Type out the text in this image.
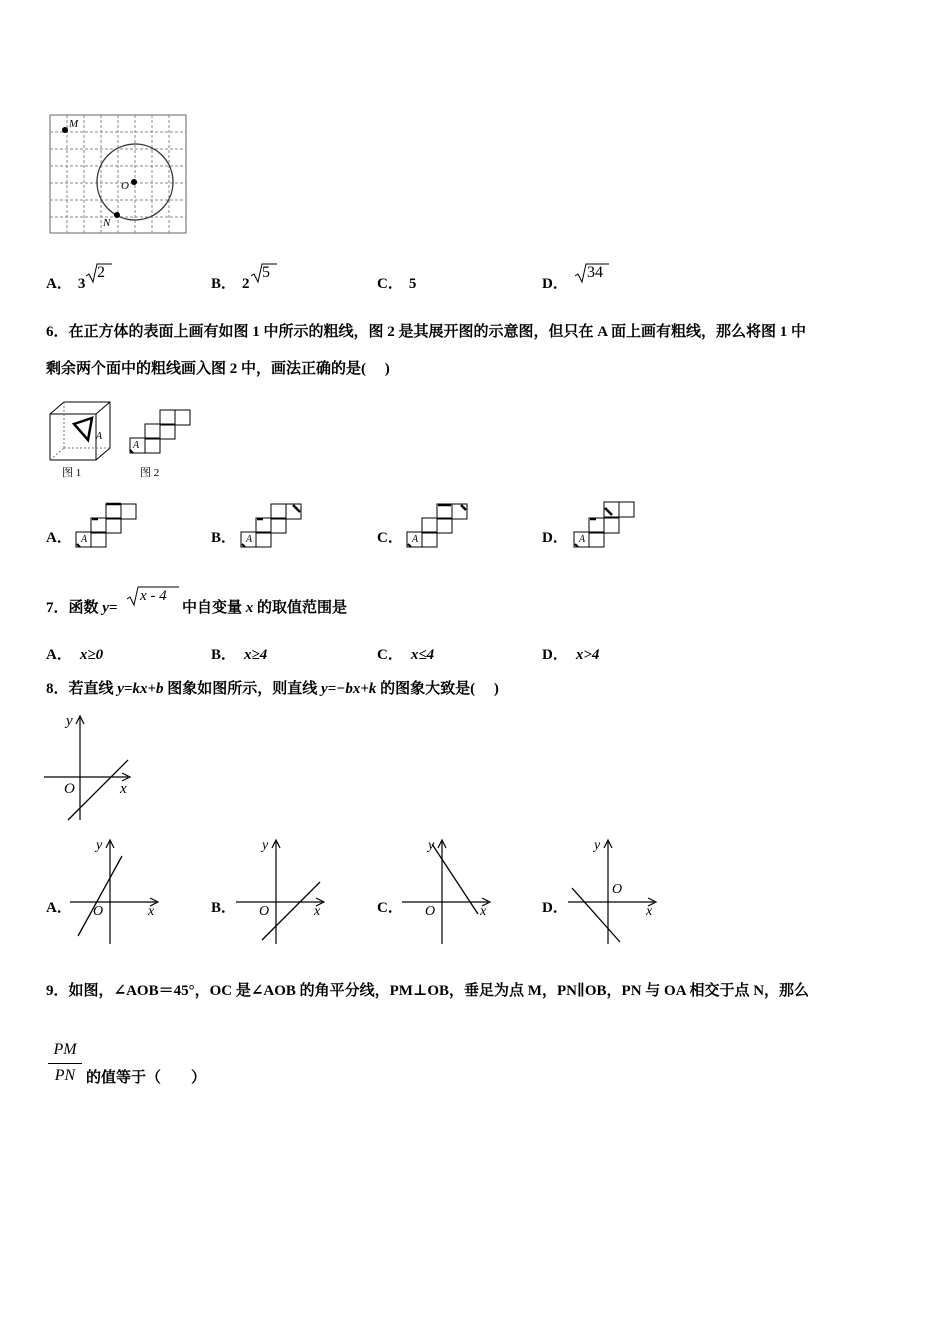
M
O
N
A． 3
2
B． 2
5
C． 5	D．
34
6．在正方体的表面上画有如图 1 中所示的粗线，图 2 是其展开图的示意图，但只在 A 面上画有粗线，那么将图 1 中
剩余两个面中的粗线画入图 2 中，画法正确的是(　 )
A
图 1
A
图 2
A． A	B． A	C． A	D． A
7．函数 y=
x - 4
中自变量 x 的取值范围是
A． x≥0	B． x≥4	C． x≤4	D． x>4
8．若直线 y=kx+b 图象如图所示，则直线 y=−bx+k 的图象大致是(　 )
y
x
O
A．
y
x
O	B．
y
x
O	C．
y
x
O	D．
y
x
O
9．如图，∠AOB＝45°，OC 是∠AOB 的角平分线，PM⊥OB，垂足为点 M，PN∥OB，PN 与 OA 相交于点 N，那么
PM
PN 的值等于（　　）
